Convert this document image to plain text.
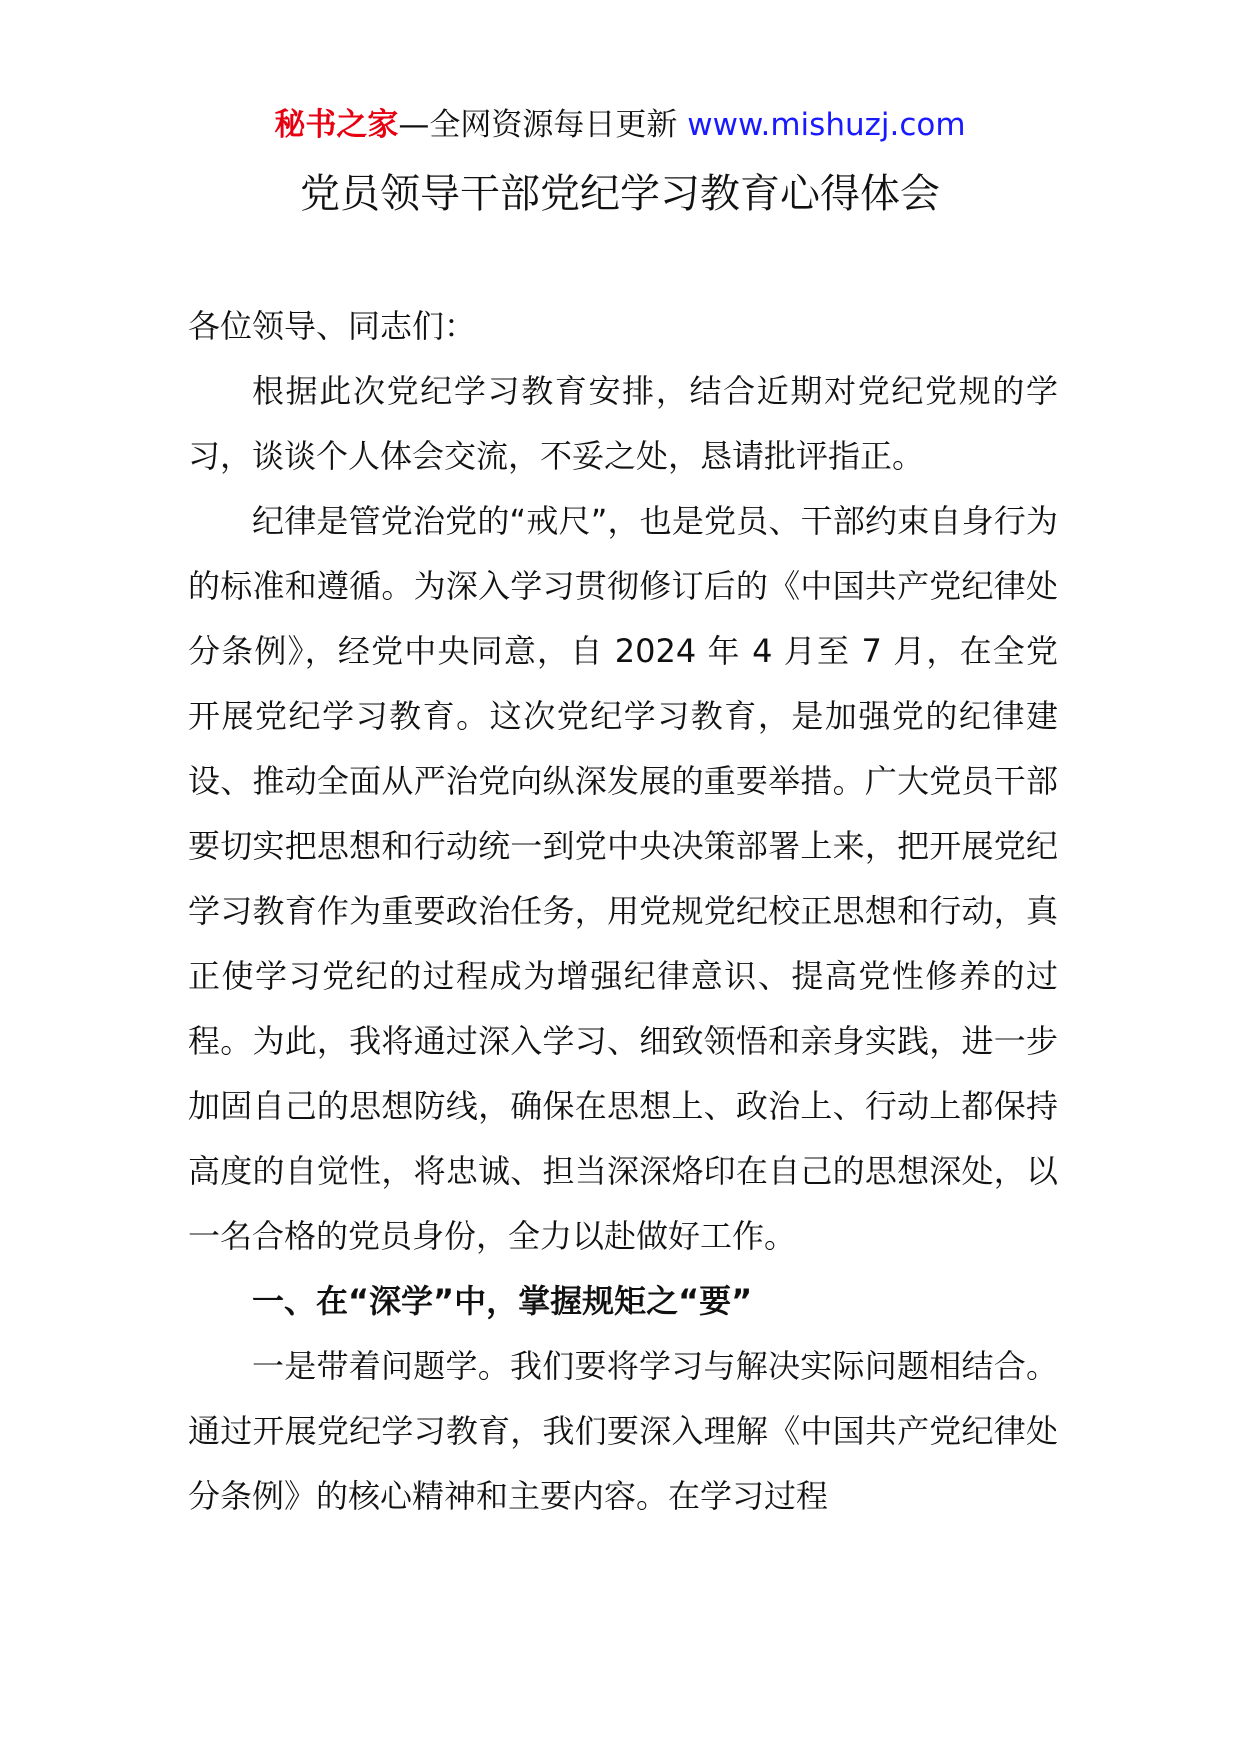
秘书之家—全网资源每日更新 www.mishuzj.com
党员领导干部党纪学习教育心得体会

各位领导、同志们：

根据此次党纪学习教育安排，结合近期对党纪党规的学习，谈谈个人体会交流，不妥之处，恳请批评指正。

纪律是管党治党的“戒尺”，也是党员、干部约束自身行为的标准和遵循。为深入学习贯彻修订后的《中国共产党纪律处分条例》，经党中央同意，自 2024 年 4 月至 7 月，在全党开展党纪学习教育。这次党纪学习教育，是加强党的纪律建设、推动全面从严治党向纵深发展的重要举措。广大党员干部要切实把思想和行动统一到党中央决策部署上来，把开展党纪学习教育作为重要政治任务，用党规党纪校正思想和行动，真正使学习党纪的过程成为增强纪律意识、提高党性修养的过程。为此，我将通过深入学习、细致领悟和亲身实践，进一步加固自己的思想防线，确保在思想上、政治上、行动上都保持高度的自觉性，将忠诚、担当深深烙印在自己的思想深处，以一名合格的党员身份，全力以赴做好工作。

一、在“深学”中，掌握规矩之“要”

一是带着问题学。我们要将学习与解决实际问题相结合。通过开展党纪学习教育，我们要深入理解《中国共产党纪律处分条例》的核心精神和主要内容。在学习过程
